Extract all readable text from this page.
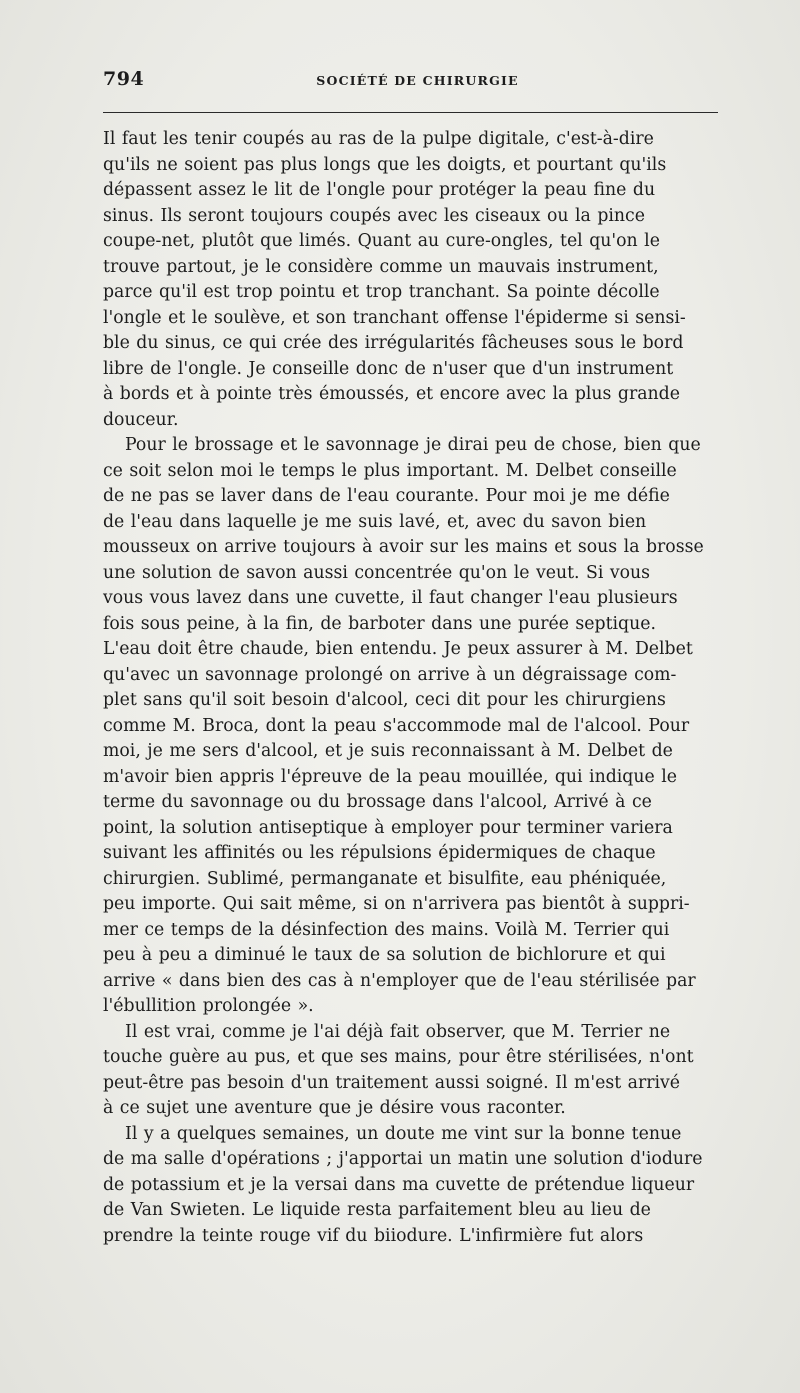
794	SOCIÉTÉ DE CHIRURGIE
Il faut les tenir coupés au ras de la pulpe digitale, c'est-à-dire
qu'ils ne soient pas plus longs que les doigts, et pourtant qu'ils
dépassent assez le lit de l'ongle pour protéger la peau fine du
sinus. Ils seront toujours coupés avec les ciseaux ou la pince
coupe-net, plutôt que limés. Quant au cure-ongles, tel qu'on le
trouve partout, je le considère comme un mauvais instrument,
parce qu'il est trop pointu et trop tranchant. Sa pointe décolle
l'ongle et le soulève, et son tranchant offense l'épiderme si sensi-
ble du sinus, ce qui crée des irrégularités fâcheuses sous le bord
libre de l'ongle. Je conseille donc de n'user que d'un instrument
à bords et à pointe très émoussés, et encore avec la plus grande
douceur.
Pour le brossage et le savonnage je dirai peu de chose, bien que
ce soit selon moi le temps le plus important. M. Delbet conseille
de ne pas se laver dans de l'eau courante. Pour moi je me défie
de l'eau dans laquelle je me suis lavé, et, avec du savon bien
mousseux on arrive toujours à avoir sur les mains et sous la brosse
une solution de savon aussi concentrée qu'on le veut. Si vous
vous vous lavez dans une cuvette, il faut changer l'eau plusieurs
fois sous peine, à la fin, de barboter dans une purée septique.
L'eau doit être chaude, bien entendu. Je peux assurer à M. Delbet
qu'avec un savonnage prolongé on arrive à un dégraissage com-
plet sans qu'il soit besoin d'alcool, ceci dit pour les chirurgiens
comme M. Broca, dont la peau s'accommode mal de l'alcool. Pour
moi, je me sers d'alcool, et je suis reconnaissant à M. Delbet de
m'avoir bien appris l'épreuve de la peau mouillée, qui indique le
terme du savonnage ou du brossage dans l'alcool, Arrivé à ce
point, la solution antiseptique à employer pour terminer variera
suivant les affinités ou les répulsions épidermiques de chaque
chirurgien. Sublimé, permanganate et bisulfite, eau phéniquée,
peu importe. Qui sait même, si on n'arrivera pas bientôt à suppri-
mer ce temps de la désinfection des mains. Voilà M. Terrier qui
peu à peu a diminué le taux de sa solution de bichlorure et qui
arrive « dans bien des cas à n'employer que de l'eau stérilisée par
l'ébullition prolongée ».
Il est vrai, comme je l'ai déjà fait observer, que M. Terrier ne
touche guère au pus, et que ses mains, pour être stérilisées, n'ont
peut-être pas besoin d'un traitement aussi soigné. Il m'est arrivé
à ce sujet une aventure que je désire vous raconter.
Il y a quelques semaines, un doute me vint sur la bonne tenue
de ma salle d'opérations ; j'apportai un matin une solution d'iodure
de potassium et je la versai dans ma cuvette de prétendue liqueur
de Van Swieten. Le liquide resta parfaitement bleu au lieu de
prendre la teinte rouge vif du biiodure. L'infirmière fut alors
